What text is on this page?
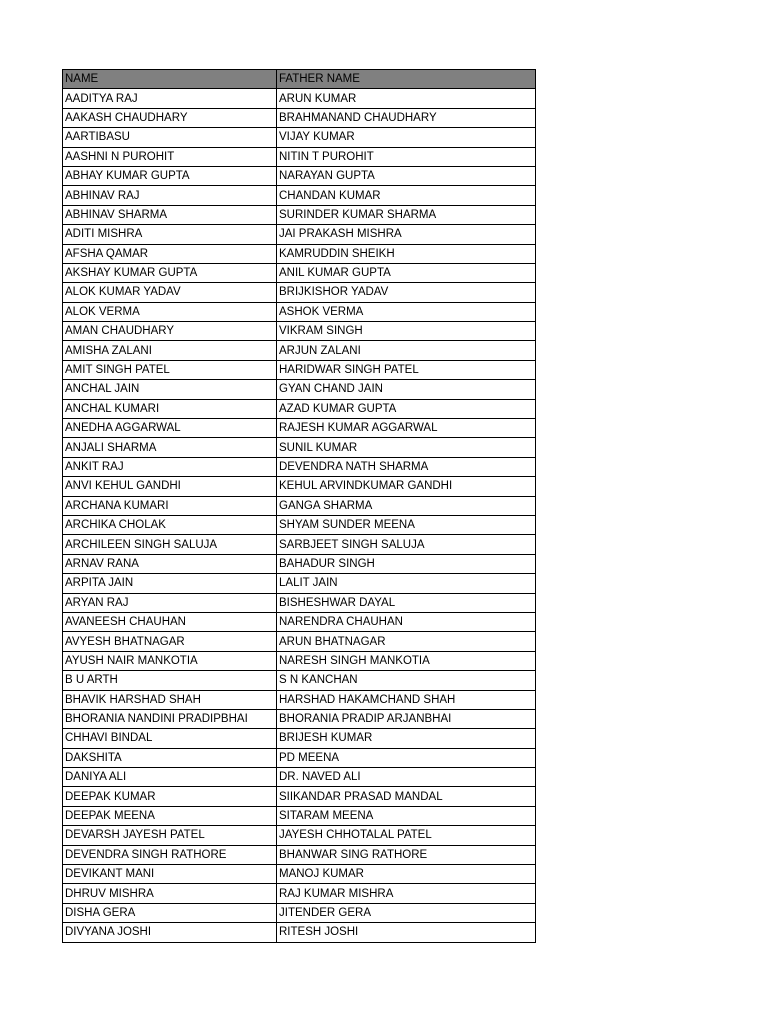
NAME	FATHER NAME
AADITYA RAJ	ARUN KUMAR
AAKASH CHAUDHARY	BRAHMANAND CHAUDHARY
AARTIBASU	VIJAY KUMAR
AASHNI N PUROHIT	NITIN T PUROHIT
ABHAY KUMAR GUPTA	NARAYAN GUPTA
ABHINAV RAJ	CHANDAN KUMAR
ABHINAV SHARMA	SURINDER KUMAR SHARMA
ADITI MISHRA	JAI PRAKASH MISHRA
AFSHA QAMAR	KAMRUDDIN SHEIKH
AKSHAY KUMAR GUPTA	ANIL KUMAR GUPTA
ALOK KUMAR YADAV	BRIJKISHOR YADAV
ALOK VERMA	ASHOK VERMA
AMAN CHAUDHARY	VIKRAM SINGH
AMISHA ZALANI	ARJUN ZALANI
AMIT SINGH PATEL	HARIDWAR SINGH PATEL
ANCHAL JAIN	GYAN CHAND JAIN
ANCHAL KUMARI	AZAD KUMAR GUPTA
ANEDHA AGGARWAL	RAJESH KUMAR AGGARWAL
ANJALI SHARMA	SUNIL KUMAR
ANKIT RAJ	DEVENDRA NATH SHARMA
ANVI KEHUL GANDHI	KEHUL ARVINDKUMAR GANDHI
ARCHANA KUMARI	GANGA SHARMA
ARCHIKA CHOLAK	SHYAM SUNDER MEENA
ARCHILEEN SINGH SALUJA	SARBJEET SINGH SALUJA
ARNAV RANA	BAHADUR SINGH
ARPITA JAIN	LALIT JAIN
ARYAN RAJ	BISHESHWAR DAYAL
AVANEESH CHAUHAN	NARENDRA CHAUHAN
AVYESH BHATNAGAR	ARUN BHATNAGAR
AYUSH NAIR MANKOTIA	NARESH SINGH MANKOTIA
B U ARTH	S N KANCHAN
BHAVIK HARSHAD SHAH	HARSHAD HAKAMCHAND SHAH
BHORANIA NANDINI PRADIPBHAI	BHORANIA PRADIP ARJANBHAI
CHHAVI BINDAL	BRIJESH KUMAR
DAKSHITA	PD MEENA
DANIYA ALI	DR. NAVED ALI
DEEPAK KUMAR	SIIKANDAR PRASAD MANDAL
DEEPAK MEENA	SITARAM MEENA
DEVARSH JAYESH PATEL	JAYESH CHHOTALAL PATEL
DEVENDRA SINGH RATHORE	BHANWAR SING RATHORE
DEVIKANT MANI	MANOJ KUMAR
DHRUV MISHRA	RAJ KUMAR MISHRA
DISHA GERA	JITENDER GERA
DIVYANA JOSHI	RITESH JOSHI
